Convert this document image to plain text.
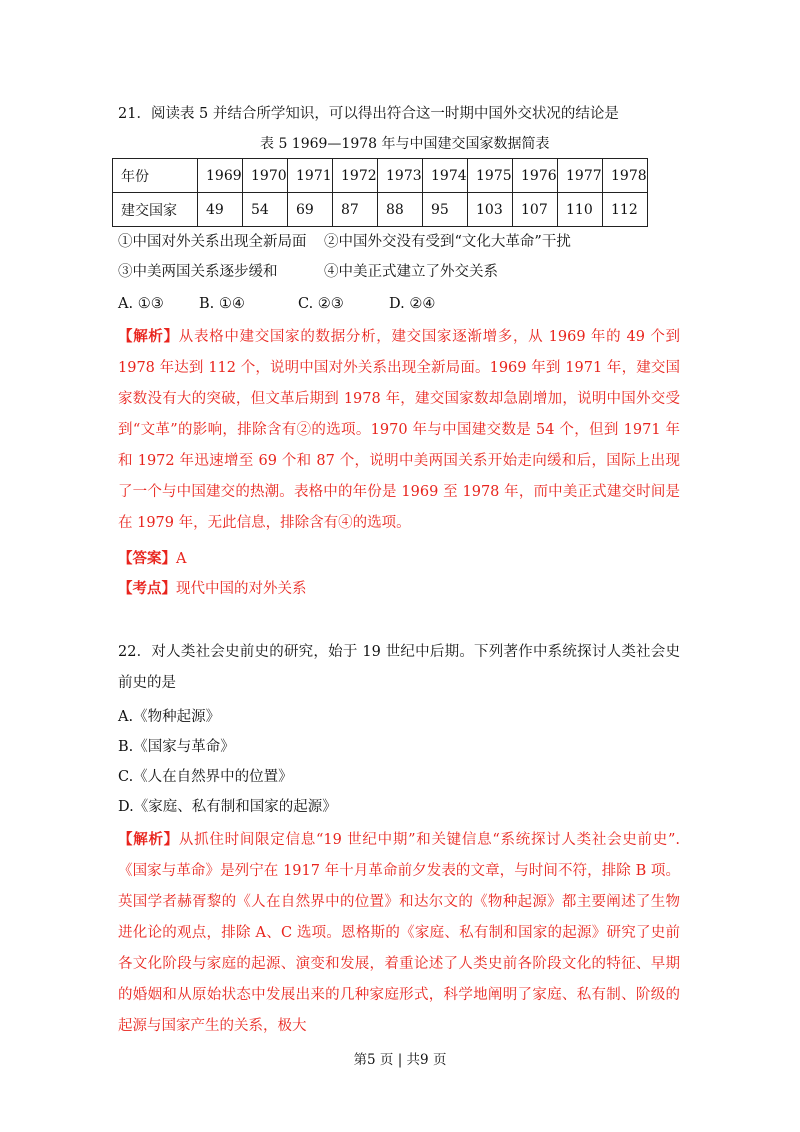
21．阅读表 5 并结合所学知识，可以得出符合这一时期中国外交状况的结论是
表 5 1969—1978 年与中国建交国家数据简表
年份	1969	1970	1971	1972	1973	1974	1975	1976	1977	1978
建交国家	49	54	69	87	88	95	103	107	110	112
①中国对外关系出现全新局面 ②中国外交没有受到“文化大革命”干扰
③中美两国关系逐步缓和	④中美正式建立了外交关系
A. ①③ B. ①④	C. ②③	D. ②④
【解析】从表格中建交国家的数据分析，建交国家逐渐增多，从 1969 年的 49 个到 1978 年达到 112 个，说明中国对外关系出现全新局面。1969 年到 1971 年，建交国家数没有大的突破，但文革后期到 1978 年，建交国家数却急剧增加，说明中国外交受到“文革”的影响，排除含有②的选项。1970 年与中国建交数是 54 个，但到 1971 年和 1972 年迅速增至 69 个和 87 个，说明中美两国关系开始走向缓和后，国际上出现了一个与中国建交的热潮。表格中的年份是 1969 至 1978 年，而中美正式建交时间是在 1979 年，无此信息，排除含有④的选项。
【答案】A
【考点】现代中国的对外关系
22．对人类社会史前史的研究，始于 19 世纪中后期。下列著作中系统探讨人类社会史前史的是
A.《物种起源》
B.《国家与革命》
C.《人在自然界中的位置》
D.《家庭、私有制和国家的起源》
【解析】从抓住时间限定信息“19 世纪中期”和关键信息“系统探讨人类社会史前史”.《国家与革命》是列宁在 1917 年十月革命前夕发表的文章，与时间不符，排除 B 项。英国学者赫胥黎的《人在自然界中的位置》和达尔文的《物种起源》都主要阐述了生物进化论的观点，排除 A、C 选项。恩格斯的《家庭、私有制和国家的起源》研究了史前各文化阶段与家庭的起源、演变和发展，着重论述了人类史前各阶段文化的特征、早期的婚姻和从原始状态中发展出来的几种家庭形式，科学地阐明了家庭、私有制、阶级的起源与国家产生的关系，极大
第5 页 | 共9 页
